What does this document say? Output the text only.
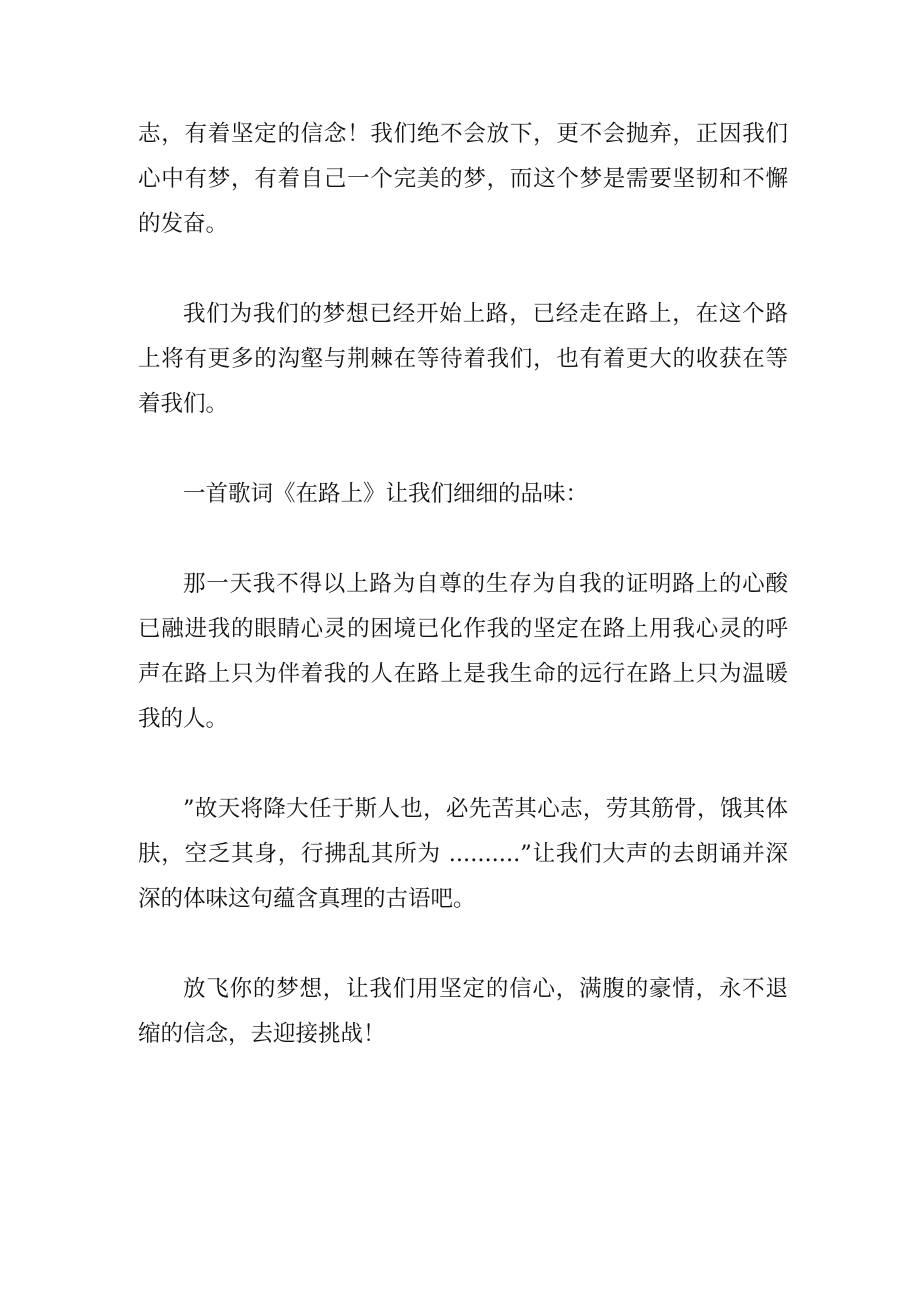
志，有着坚定的信念！我们绝不会放下，更不会抛弃，正因我们心中有梦，有着自己一个完美的梦，而这个梦是需要坚韧和不懈的发奋。

我们为我们的梦想已经开始上路，已经走在路上，在这个路上将有更多的沟壑与荆棘在等待着我们，也有着更大的收获在等着我们。

一首歌词《在路上》让我们细细的品味：

那一天我不得以上路为自尊的生存为自我的证明路上的心酸已融进我的眼睛心灵的困境已化作我的坚定在路上用我心灵的呼声在路上只为伴着我的人在路上是我生命的远行在路上只为温暖我的人。

”故天将降大任于斯人也，必先苦其心志，劳其筋骨，饿其体肤，空乏其身，行拂乱其所为 ..........”让我们大声的去朗诵并深深的体味这句蕴含真理的古语吧。

放飞你的梦想，让我们用坚定的信心，满腹的豪情，永不退缩的信念，去迎接挑战！
